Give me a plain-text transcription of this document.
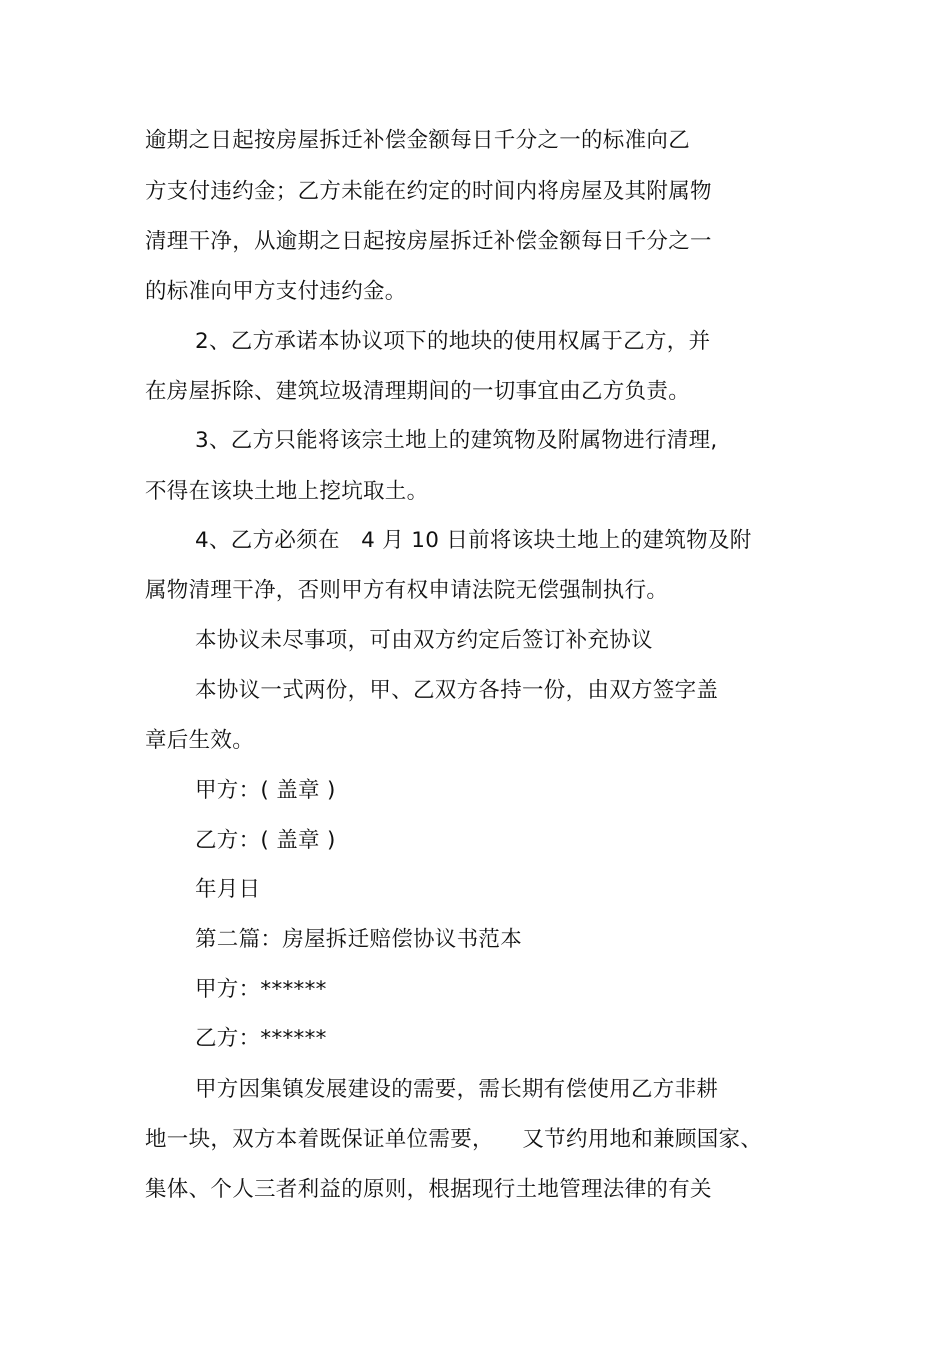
逾期之日起按房屋拆迁补偿金额每日千分之一的标准向乙
方支付违约金；乙方未能在约定的时间内将房屋及其附属物
清理干净，从逾期之日起按房屋拆迁补偿金额每日千分之一
的标准向甲方支付违约金。
2、乙方承诺本协议项下的地块的使用权属于乙方，并
在房屋拆除、建筑垃圾清理期间的一切事宜由乙方负责。
3、乙方只能将该宗土地上的建筑物及附属物进行清理,
不得在该块土地上挖坑取土。
4、乙方必须在   4 月 10 日前将该块土地上的建筑物及附
属物清理干净，否则甲方有权申请法院无偿强制执行。
本协议未尽事项，可由双方约定后签订补充协议
本协议一式两份，甲、乙双方各持一份，由双方签字盖
章后生效。
甲方：( 盖章 )
乙方：( 盖章 )
年月日
第二篇：房屋拆迁赔偿协议书范本
甲方：******
乙方：******
甲方因集镇发展建设的需要，需长期有偿使用乙方非耕
地一块，双方本着既保证单位需要，    又节约用地和兼顾国家、
集体、个人三者利益的原则，根据现行土地管理法律的有关
